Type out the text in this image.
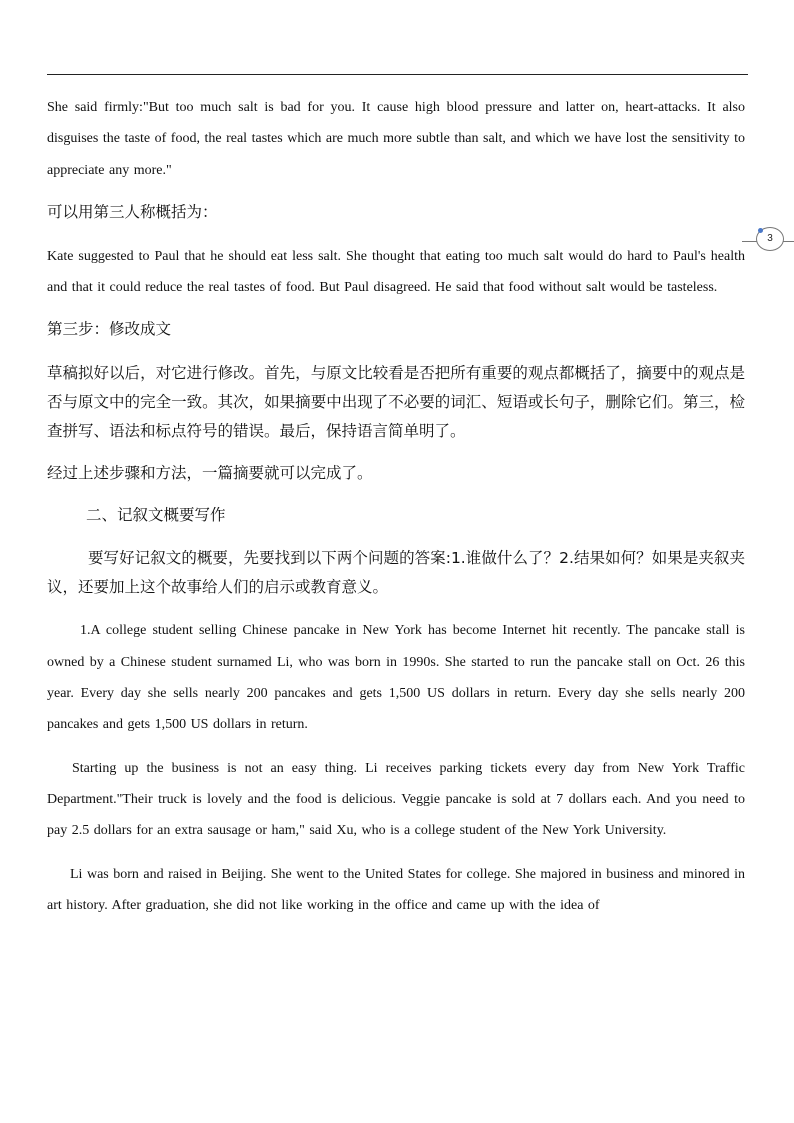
3

She said firmly:"But too much salt is bad for you. It cause high blood pressure and latter on, heart-attacks. It also disguises the taste of food, the real tastes which are much more subtle than salt, and which we have lost the sensitivity to appreciate any more."

可以用第三人称概括为：

Kate suggested to Paul that he should eat less salt. She thought that eating too much salt would do hard to Paul's health and that it could reduce the real tastes of food. But Paul disagreed. He said that food without salt would be tasteless.

第三步：修改成文

草稿拟好以后，对它进行修改。首先，与原文比较看是否把所有重要的观点都概括了，摘要中的观点是否与原文中的完全一致。其次，如果摘要中出现了不必要的词汇、短语或长句子，删除它们。第三，检查拼写、语法和标点符号的错误。最后，保持语言简单明了。

经过上述步骤和方法，一篇摘要就可以完成了。

二、记叙文概要写作

要写好记叙文的概要，先要找到以下两个问题的答案:1.谁做什么了？2.结果如何？如果是夹叙夹议，还要加上这个故事给人们的启示或教育意义。

1.A college student selling Chinese pancake in New York has become Internet hit recently. The pancake stall is owned by a Chinese student surnamed Li, who was born in 1990s. She started to run the pancake stall on Oct. 26 this year. Every day she sells nearly 200 pancakes and gets 1,500 US dollars in return. Every day she sells nearly 200 pancakes and gets 1,500 US dollars in return.

Starting up the business is not an easy thing. Li receives parking tickets every day from New York Traffic Department."Their truck is lovely and the food is delicious. Veggie pancake is sold at 7 dollars each. And you need to pay 2.5 dollars for an extra sausage or ham," said Xu, who is a college student of the New York University.

Li was born and raised in Beijing. She went to the United States for college. She majored in business and minored in art history. After graduation, she did not like working in the office and came up with the idea of
